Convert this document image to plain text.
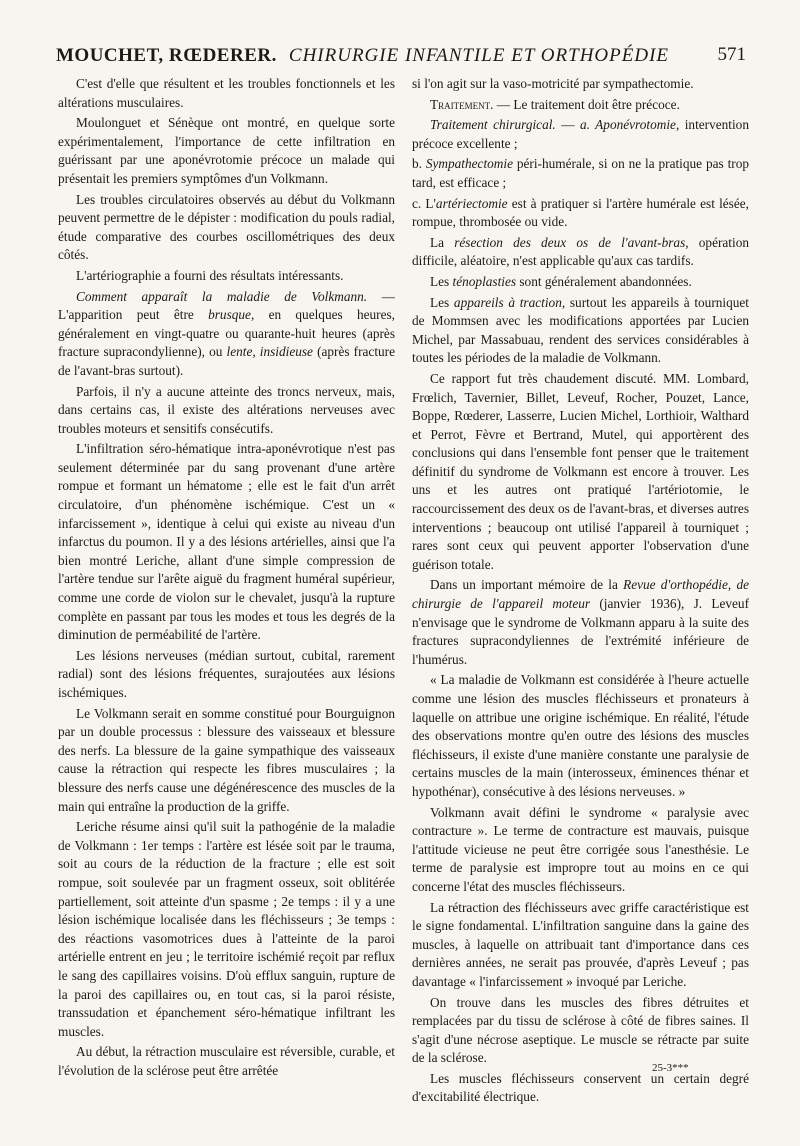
MOUCHET, RŒDERER. CHIRURGIE INFANTILE ET ORTHOPÉDIE	571

C'est d'elle que résultent et les troubles fonctionnels et les altérations musculaires.

Moulonguet et Sénèque ont montré, en quelque sorte expérimentalement, l'importance de cette infiltration en guérissant par une aponévrotomie précoce un malade qui présentait les premiers symptômes d'un Volkmann.

Les troubles circulatoires observés au début du Volkmann peuvent permettre de le dépister : modification du pouls radial, étude comparative des courbes oscillométriques des deux côtés.

L'artériographie a fourni des résultats intéressants.

Comment apparaît la maladie de Volkmann. — L'apparition peut être brusque, en quelques heures, généralement en vingt-quatre ou quarante-huit heures (après fracture supracondylienne), ou lente, insidieuse (après fracture de l'avant-bras surtout).

Parfois, il n'y a aucune atteinte des troncs nerveux, mais, dans certains cas, il existe des altérations nerveuses avec troubles moteurs et sensitifs consécutifs.

L'infiltration séro-hématique intra-aponévrotique n'est pas seulement déterminée par du sang provenant d'une artère rompue et formant un hématome ; elle est le fait d'un arrêt circulatoire, d'un phénomène ischémique. C'est un « infarcissement », identique à celui qui existe au niveau d'un infarctus du poumon. Il y a des lésions artérielles, ainsi que l'a bien montré Leriche, allant d'une simple compression de l'artère tendue sur l'arête aiguë du fragment huméral supérieur, comme une corde de violon sur le chevalet, jusqu'à la rupture complète en passant par tous les modes et tous les degrés de la diminution de perméabilité de l'artère.

Les lésions nerveuses (médian surtout, cubital, rarement radial) sont des lésions fréquentes, surajoutées aux lésions ischémiques.

Le Volkmann serait en somme constitué pour Bourguignon par un double processus : blessure des vaisseaux et blessure des nerfs. La blessure de la gaine sympathique des vaisseaux cause la rétraction qui respecte les fibres musculaires ; la blessure des nerfs cause une dégénérescence des muscles de la main qui entraîne la production de la griffe.

Leriche résume ainsi qu'il suit la pathogénie de la maladie de Volkmann : 1er temps : l'artère est lésée soit par le trauma, soit au cours de la réduction de la fracture ; elle est soit rompue, soit soulevée par un fragment osseux, soit oblitérée partiellement, soit atteinte d'un spasme ; 2e temps : il y a une lésion ischémique localisée dans les fléchisseurs ; 3e temps : des réactions vasomotrices dues à l'atteinte de la paroi artérielle entrent en jeu ; le territoire ischémié reçoit par reflux le sang des capillaires voisins. D'où efflux sanguin, rupture de la paroi des capillaires ou, en tout cas, si la paroi résiste, transsudation et épanchement séro-hématique infiltrant les muscles.

Au début, la rétraction musculaire est réversible, curable, et l'évolution de la sclérose peut être arrêtée

si l'on agit sur la vaso-motricité par sympathectomie.

Traitement. — Le traitement doit être précoce.

Traitement chirurgical. — a. Aponévrotomie, intervention précoce excellente ;

b. Sympathectomie péri-humérale, si on ne la pratique pas trop tard, est efficace ;

c. L'artériectomie est à pratiquer si l'artère humérale est lésée, rompue, thrombosée ou vide.

La résection des deux os de l'avant-bras, opération difficile, aléatoire, n'est applicable qu'aux cas tardifs.

Les ténoplasties sont généralement abandonnées.

Les appareils à traction, surtout les appareils à tourniquet de Mommsen avec les modifications apportées par Lucien Michel, par Massabuau, rendent des services considérables à toutes les périodes de la maladie de Volkmann.

Ce rapport fut très chaudement discuté. MM. Lombard, Frœlich, Tavernier, Billet, Leveuf, Rocher, Pouzet, Lance, Boppe, Rœderer, Lasserre, Lucien Michel, Lorthioir, Walthard et Perrot, Fèvre et Bertrand, Mutel, qui apportèrent des conclusions qui dans l'ensemble font penser que le traitement définitif du syndrome de Volkmann est encore à trouver. Les uns et les autres ont pratiqué l'artériotomie, le raccourcissement des deux os de l'avant-bras, et diverses autres interventions ; beaucoup ont utilisé l'appareil à tourniquet ; rares sont ceux qui peuvent apporter l'observation d'une guérison totale.

Dans un important mémoire de la Revue d'orthopédie, de chirurgie de l'appareil moteur (janvier 1936), J. Leveuf n'envisage que le syndrome de Volkmann apparu à la suite des fractures supracondyliennes de l'extrémité inférieure de l'humérus.

« La maladie de Volkmann est considérée à l'heure actuelle comme une lésion des muscles fléchisseurs et pronateurs à laquelle on attribue une origine ischémique. En réalité, l'étude des observations montre qu'en outre des lésions des muscles fléchisseurs, il existe d'une manière constante une paralysie de certains muscles de la main (interosseux, éminences thénar et hypothénar), consécutive à des lésions nerveuses. »

Volkmann avait défini le syndrome « paralysie avec contracture ». Le terme de contracture est mauvais, puisque l'attitude vicieuse ne peut être corrigée sous l'anesthésie. Le terme de paralysie est impropre tout au moins en ce qui concerne l'état des muscles fléchisseurs.

La rétraction des fléchisseurs avec griffe caractéristique est le signe fondamental. L'infiltration sanguine dans la gaine des muscles, à laquelle on attribuait tant d'importance dans ces dernières années, ne serait pas prouvée, d'après Leveuf ; pas davantage « l'infarcissement » invoqué par Leriche.

On trouve dans les muscles des fibres détruites et remplacées par du tissu de sclérose à côté de fibres saines. Il s'agit d'une nécrose aseptique. Le muscle se rétracte par suite de la sclérose.

Les muscles fléchisseurs conservent un certain degré d'excitabilité électrique.

25-3***
